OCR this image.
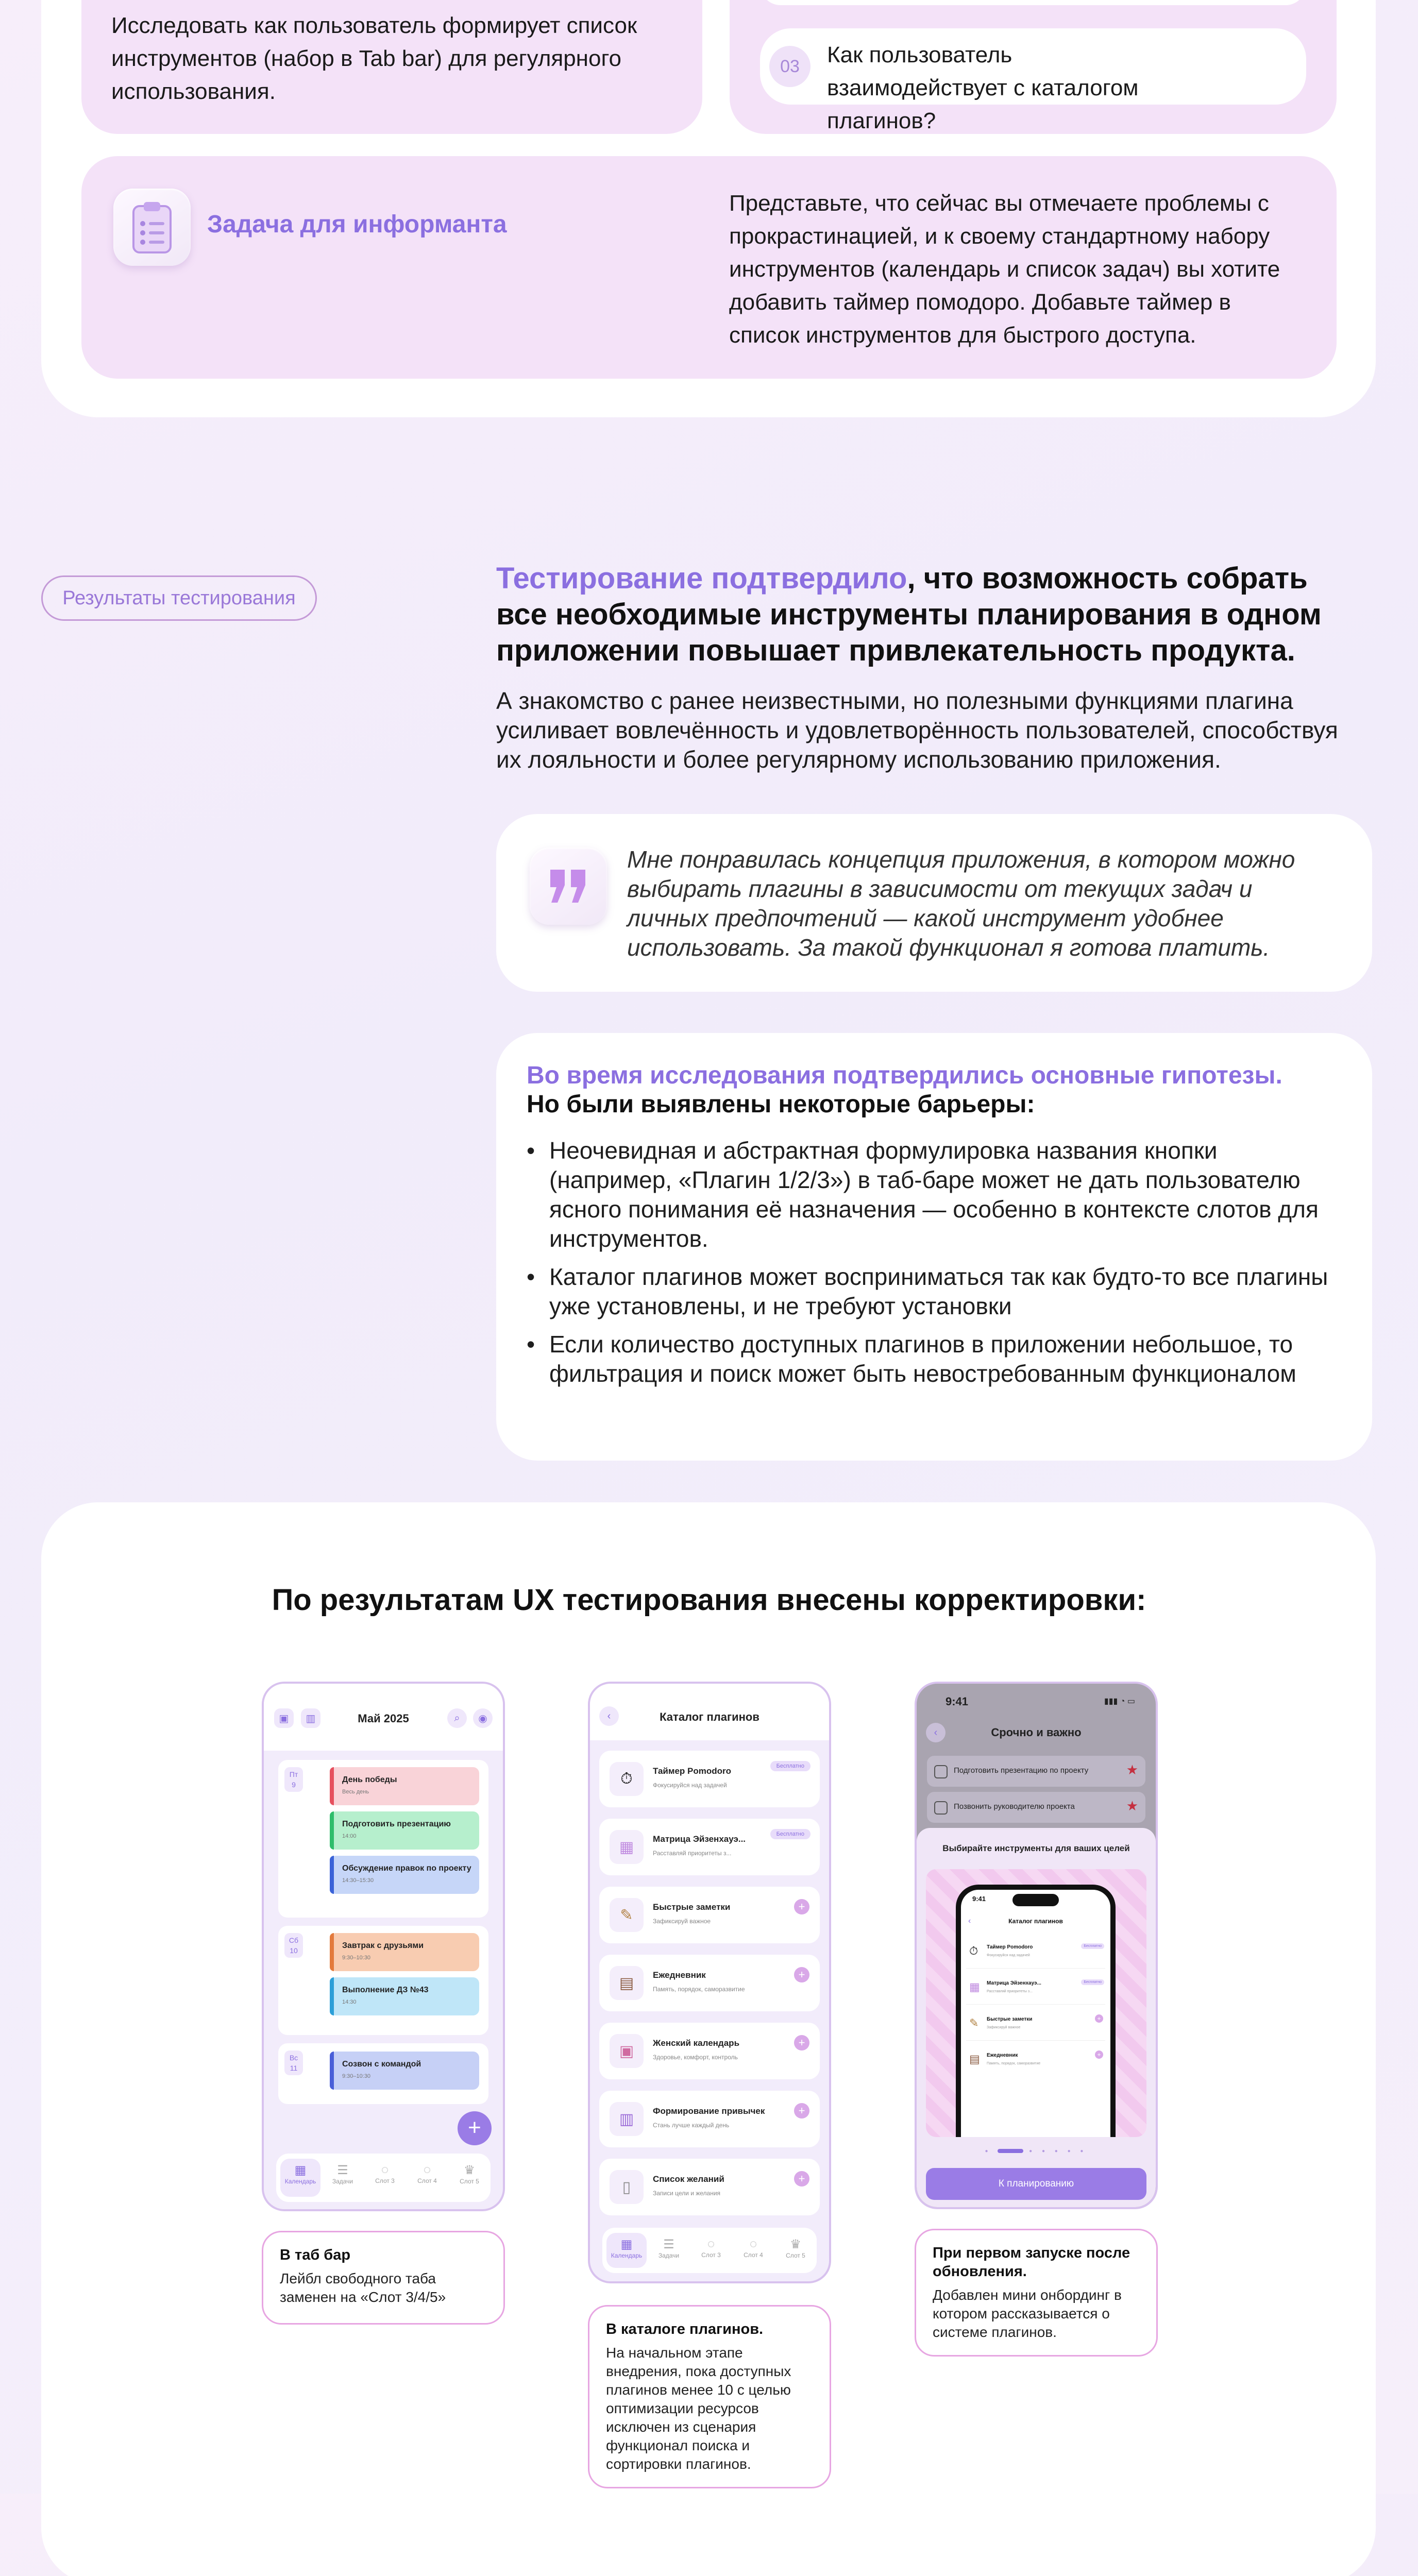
Исследовать как пользователь формирует список инструментов (набор в Tab bar) для регулярного использования.
03	Как пользователь взаимодействует с каталогом плагинов?
Задача для информанта
Представьте, что сейчас вы отмечаете проблемы с прокрастинацией, и к своему стандартному набору инструментов (календарь и список задач) вы хотите добавить таймер помодоро. Добавьте таймер в список инструментов для быстрого доступа.
Результаты тестирования
Тестирование подтвердило, что возможность собрать все необходимые инструменты планирования в одном приложении повышает привлекательность продукта.
А знакомство с ранее неизвестными, но полезными функциями плагина усиливает вовлечённость и удовлетворённость пользователей, способствуя их лояльности и более регулярному использованию приложения.
Мне понравилась концепция приложения, в котором можно выбирать плагины в зависимости от текущих задач и личных предпочтений — какой инструмент удобнее использовать. За такой функционал я готова платить.
Во время исследования подтвердились основные гипотезы.
Но были выявлены некоторые барьеры:
• Неочевидная и абстрактная формулировка названия кнопки (например, «Плагин 1/2/3») в таб-баре может не дать пользователю ясного понимания её назначения — особенно в контексте слотов для инструментов.
• Каталог плагинов может восприниматься так как будто-то все плагины уже установлены, и не требуют установки
• Если количество доступных плагинов в приложении небольшое, то фильтрация и поиск может быть невостребованным функционалом
По результатам UX тестирования внесены корректировки:
▣	▥	Май 2025	⌕	◉
Пт
9
День победы
Весь день
Подготовить презентацию
14:00
Обсуждение правок по проекту
14:30–15:30
Сб
10
Завтрак с друзьями
9:30–10:30
Выполнение ДЗ №43
14:30
Вс
11	Созвон с командой
9:30–10:30
+
▦
Календарь
☰
Задачи
◌
Слот 3
◌
Слот 4
♛
Слот 5
В таб бар
Лейбл свободного таба заменен на «Слот 3/4/5»
‹	Каталог плагинов
⏱	Таймер Pomodoro
Фокусируйся над задачей
Бесплатно
▦	Матрица Эйзенхауэ...
Расставляй приоритеты з...
Бесплатно
✎	Быстрые заметки
Зафиксируй важное
+
▤	Ежедневник
Память, порядок, саморазвитие
+
▣	Женский календарь
Здоровье, комфорт, контроль
+
▥	Формирование привычек
Стань лучше каждый день
+
▯	Список желаний
Записи цели и желания
+
▦
Календарь
☰
Задачи
◌
Слот 3
◌
Слот 4
♛
Слот 5
В каталоге плагинов.
На начальном этапе внедрения, пока доступных плагинов менее 10 с целью оптимизации ресурсов исключен из сценария функционал поиска и сортировки плагинов.
9:41	▮▮▮ ◔ ▭
‹	Срочно и важно
Подготовить презентацию по проекту	★
Позвонить руководителю проекта	★
Выбирайте инструменты для ваших целей
9:41
‹	Каталог плагинов
⏱ Таймер Pomodoro
Фокусируйся над задачей
Бесплатно
▦ Матрица Эйзенхауэ...
Расставляй приоритеты з...
Бесплатно
✎ Быстрые заметки
Зафиксируй важное
+
▤ Ежедневник
Память, порядок, саморазвитие
+
●	● ● ● ● ●
К планированию
При первом запуске после обновления.
Добавлен мини онбординг в котором рассказывается о системе плагинов.
